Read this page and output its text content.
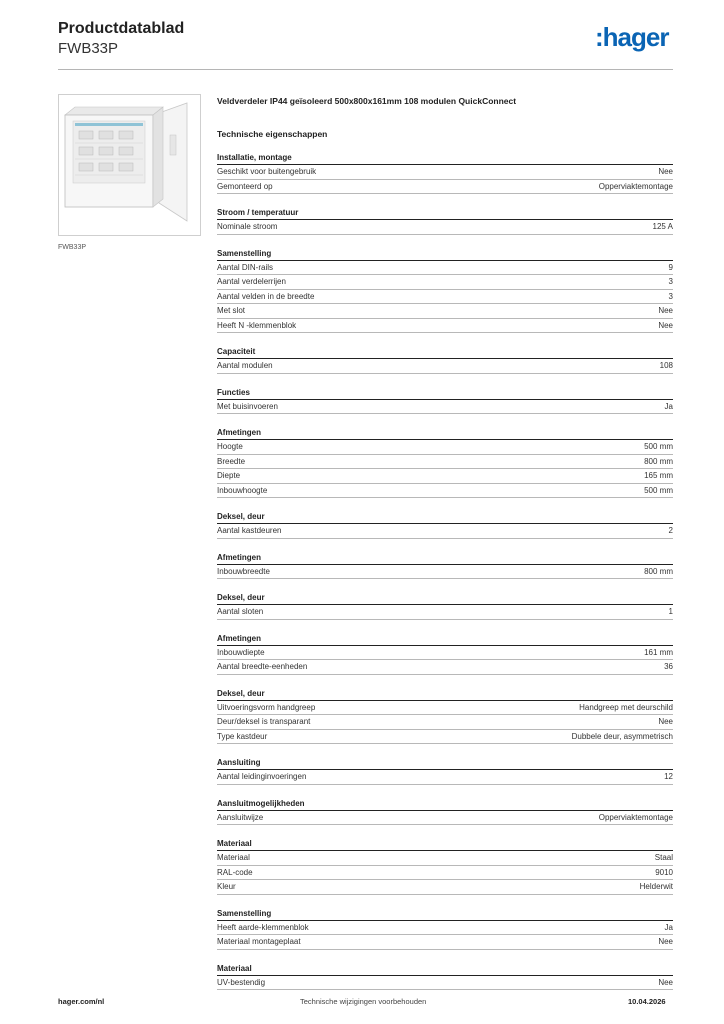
Productdatablad
FWB33P	:hager
FWB33P
Veldverdeler IP44 geïsoleerd 500x800x161mm 108 modulen QuickConnect
Technische eigenschappen
Installatie, montage
Geschikt voor buitengebruik	Nee
Gemonteerd op	Opperviaktemontage
Stroom / temperatuur
Nominale stroom	125 A
Samenstelling
Aantal DIN-rails	9
Aantal verdelerrijen	3
Aantal velden in de breedte	3
Met slot	Nee
Heeft N -klemmenblok	Nee
Capaciteit
Aantal modulen	108
Functies
Met buisinvoeren	Ja
Afmetingen
Hoogte	500 mm
Breedte	800 mm
Diepte	165 mm
Inbouwhoogte	500 mm
Deksel, deur
Aantal kastdeuren	2
Afmetingen
Inbouwbreedte	800 mm
Deksel, deur
Aantal sloten	1
Afmetingen
Inbouwdiepte	161 mm
Aantal breedte-eenheden	36
Deksel, deur
Uitvoeringsvorm handgreep	Handgreep met deurschild
Deur/deksel is transparant	Nee
Type kastdeur	Dubbele deur, asymmetrisch
Aansluiting
Aantal leidinginvoeringen	12
Aansluitmogelijkheden
Aansluitwijze	Opperviaktemontage
Materiaal
Materiaal	Staal
RAL-code	9010
Kleur	Helderwit
Samenstelling
Heeft aarde-klemmenblok	Ja
Materiaal montageplaat	Nee
Materiaal
UV-bestendig	Nee
hager.com/nl	Technische wijzigingen voorbehouden	10.04.2026
